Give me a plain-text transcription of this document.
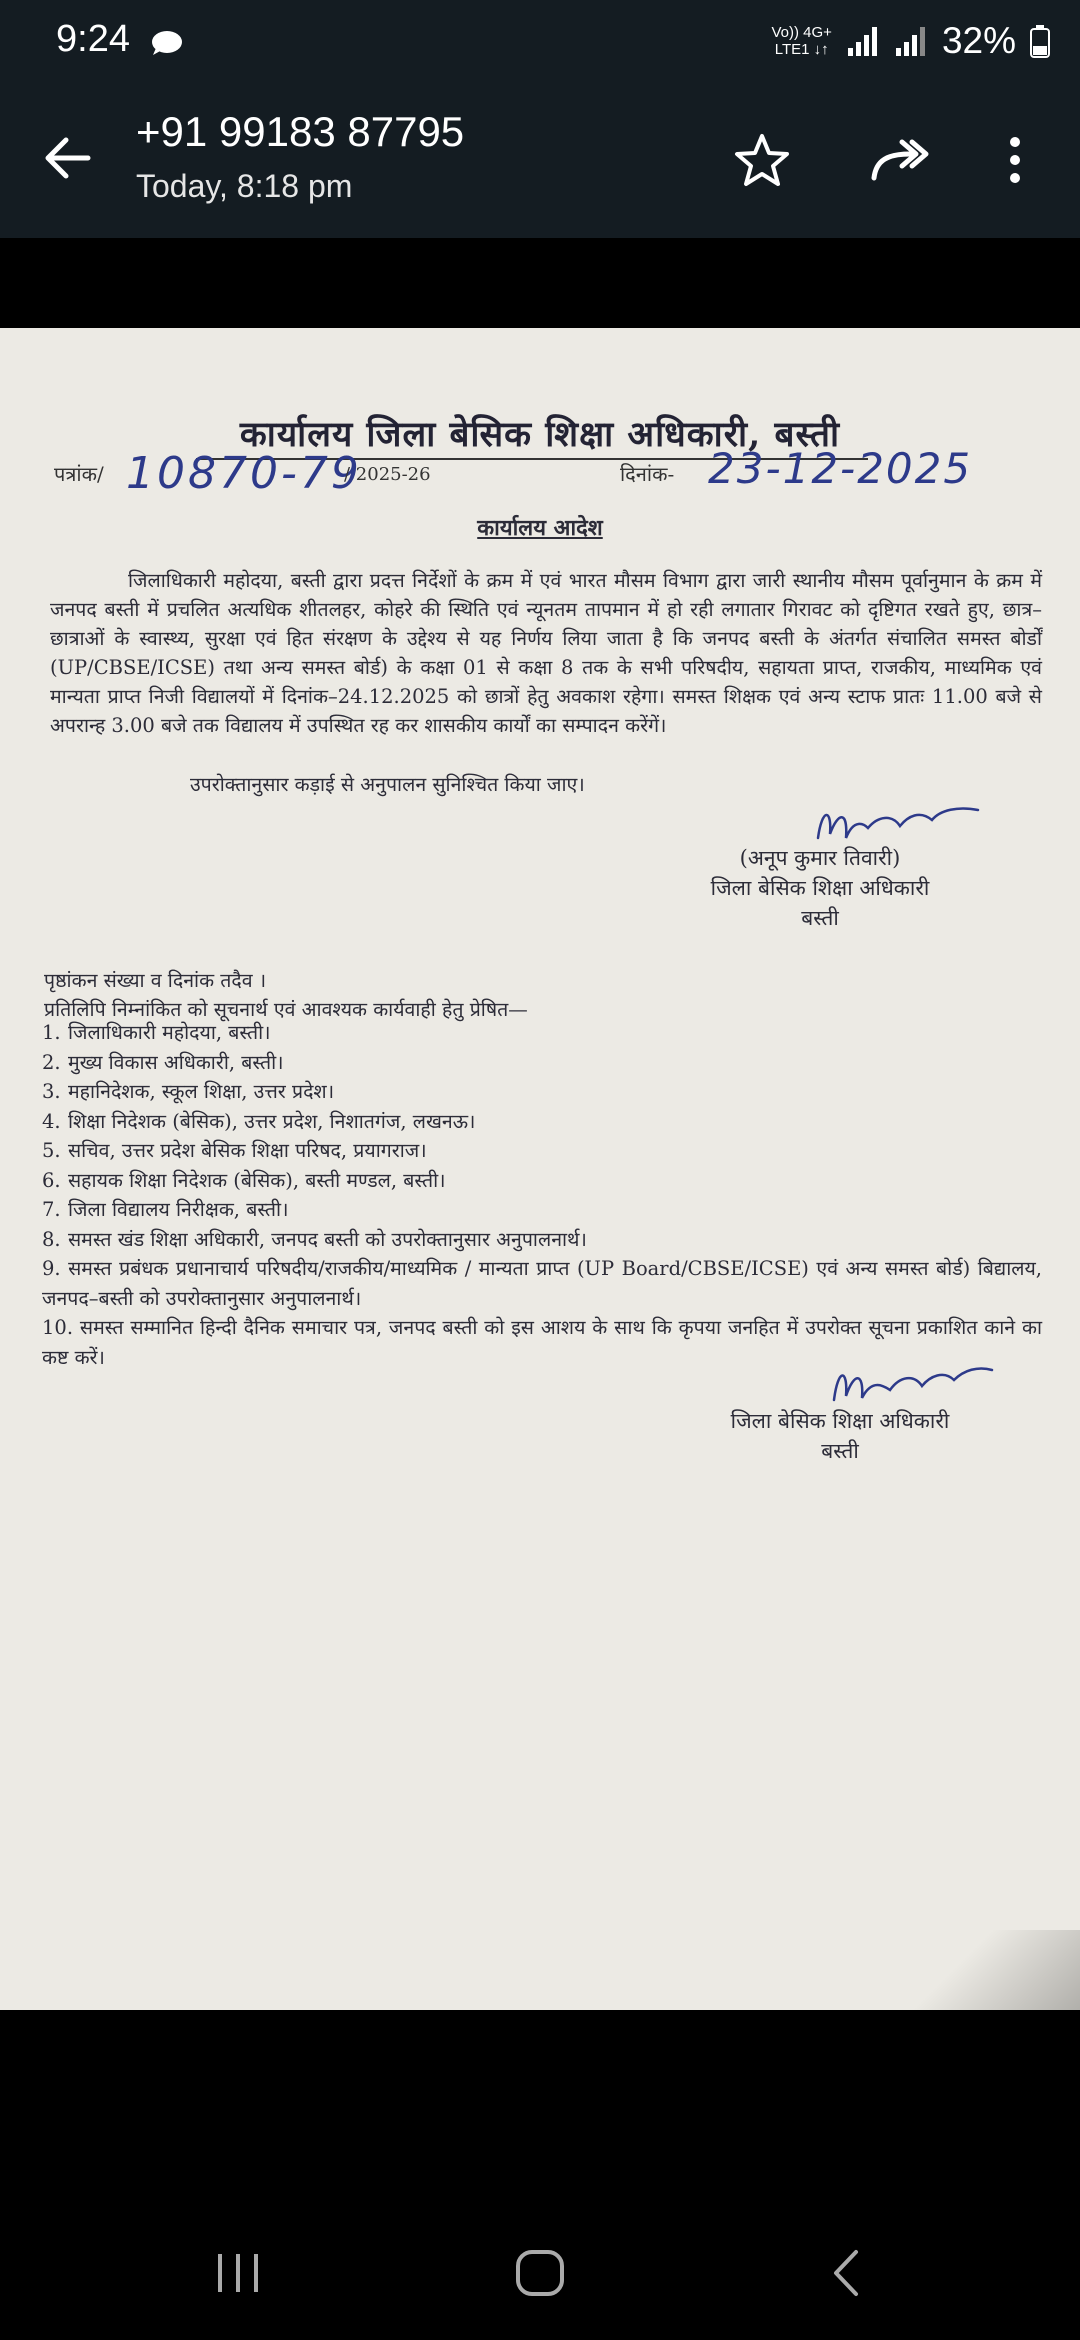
9:24	Vo)) 4G+
LTE1 ↓↑	32%
+91 99183 87795
Today, 8:18 pm
कार्यालय जिला बेसिक शिक्षा अधिकारी, बस्ती
पत्रांक/ 10870-79
/ 2025-26	दिनांक- 23-12-2025
कार्यालय आदेश
जिलाधिकारी महोदया, बस्ती द्वारा प्रदत्त निर्देशों के क्रम में एवं भारत मौसम विभाग द्वारा जारी स्थानीय मौसम पूर्वानुमान के क्रम में जनपद बस्ती में प्रचलित अत्यधिक शीतलहर, कोहरे की स्थिति एवं न्यूनतम तापमान में हो रही लगातार गिरावट को दृष्टिगत रखते हुए, छात्र–छात्राओं के स्वास्थ्य, सुरक्षा एवं हित संरक्षण के उद्देश्य से यह निर्णय लिया जाता है कि जनपद बस्ती के अंतर्गत संचालित समस्त बोर्डों (UP/CBSE/ICSE) तथा अन्य समस्त बोर्ड) के कक्षा 01 से कक्षा 8 तक के सभी परिषदीय, सहायता प्राप्त, राजकीय, माध्यमिक एवं मान्यता प्राप्त निजी विद्यालयों में दिनांक–24.12.2025 को छात्रों हेतु अवकाश रहेगा। समस्त शिक्षक एवं अन्य स्टाफ प्रातः 11.00 बजे से अपरान्ह 3.00 बजे तक विद्यालय में उपस्थित रह कर शासकीय कार्यों का सम्पादन करेंगें।
उपरोक्तानुसार कड़ाई से अनुपालन सुनिश्चित किया जाए।
(अनूप कुमार तिवारी)
जिला बेसिक शिक्षा अधिकारी
बस्ती
पृष्ठांकन संख्या व दिनांक तदैव ।
प्रतिलिपि निम्नांकित को सूचनार्थ एवं आवश्यक कार्यवाही हेतु प्रेषित—
1. जिलाधिकारी महोदया, बस्ती।
2. मुख्य विकास अधिकारी, बस्ती।
3. महानिदेशक, स्कूल शिक्षा, उत्तर प्रदेश।
4. शिक्षा निदेशक (बेसिक), उत्तर प्रदेश, निशातगंज, लखनऊ।
5. सचिव, उत्तर प्रदेश बेसिक शिक्षा परिषद, प्रयागराज।
6. सहायक शिक्षा निदेशक (बेसिक), बस्ती मण्डल, बस्ती।
7. जिला विद्यालय निरीक्षक, बस्ती।
8. समस्त खंड शिक्षा अधिकारी, जनपद बस्ती को उपरोक्तानुसार अनुपालनार्थ।
9. समस्त प्रबंधक प्रधानाचार्य परिषदीय/राजकीय/माध्यमिक / मान्यता प्राप्त (UP Board/CBSE/ICSE) एवं अन्य समस्त बोर्ड) बिद्यालय, जनपद–बस्ती को उपरोक्तानुसार अनुपालनार्थ।
10. समस्त सम्मानित हिन्दी दैनिक समाचार पत्र, जनपद बस्ती को इस आशय के साथ कि कृपया जनहित में उपरोक्त सूचना प्रकाशित काने का कष्ट करें।
जिला बेसिक शिक्षा अधिकारी
बस्ती
